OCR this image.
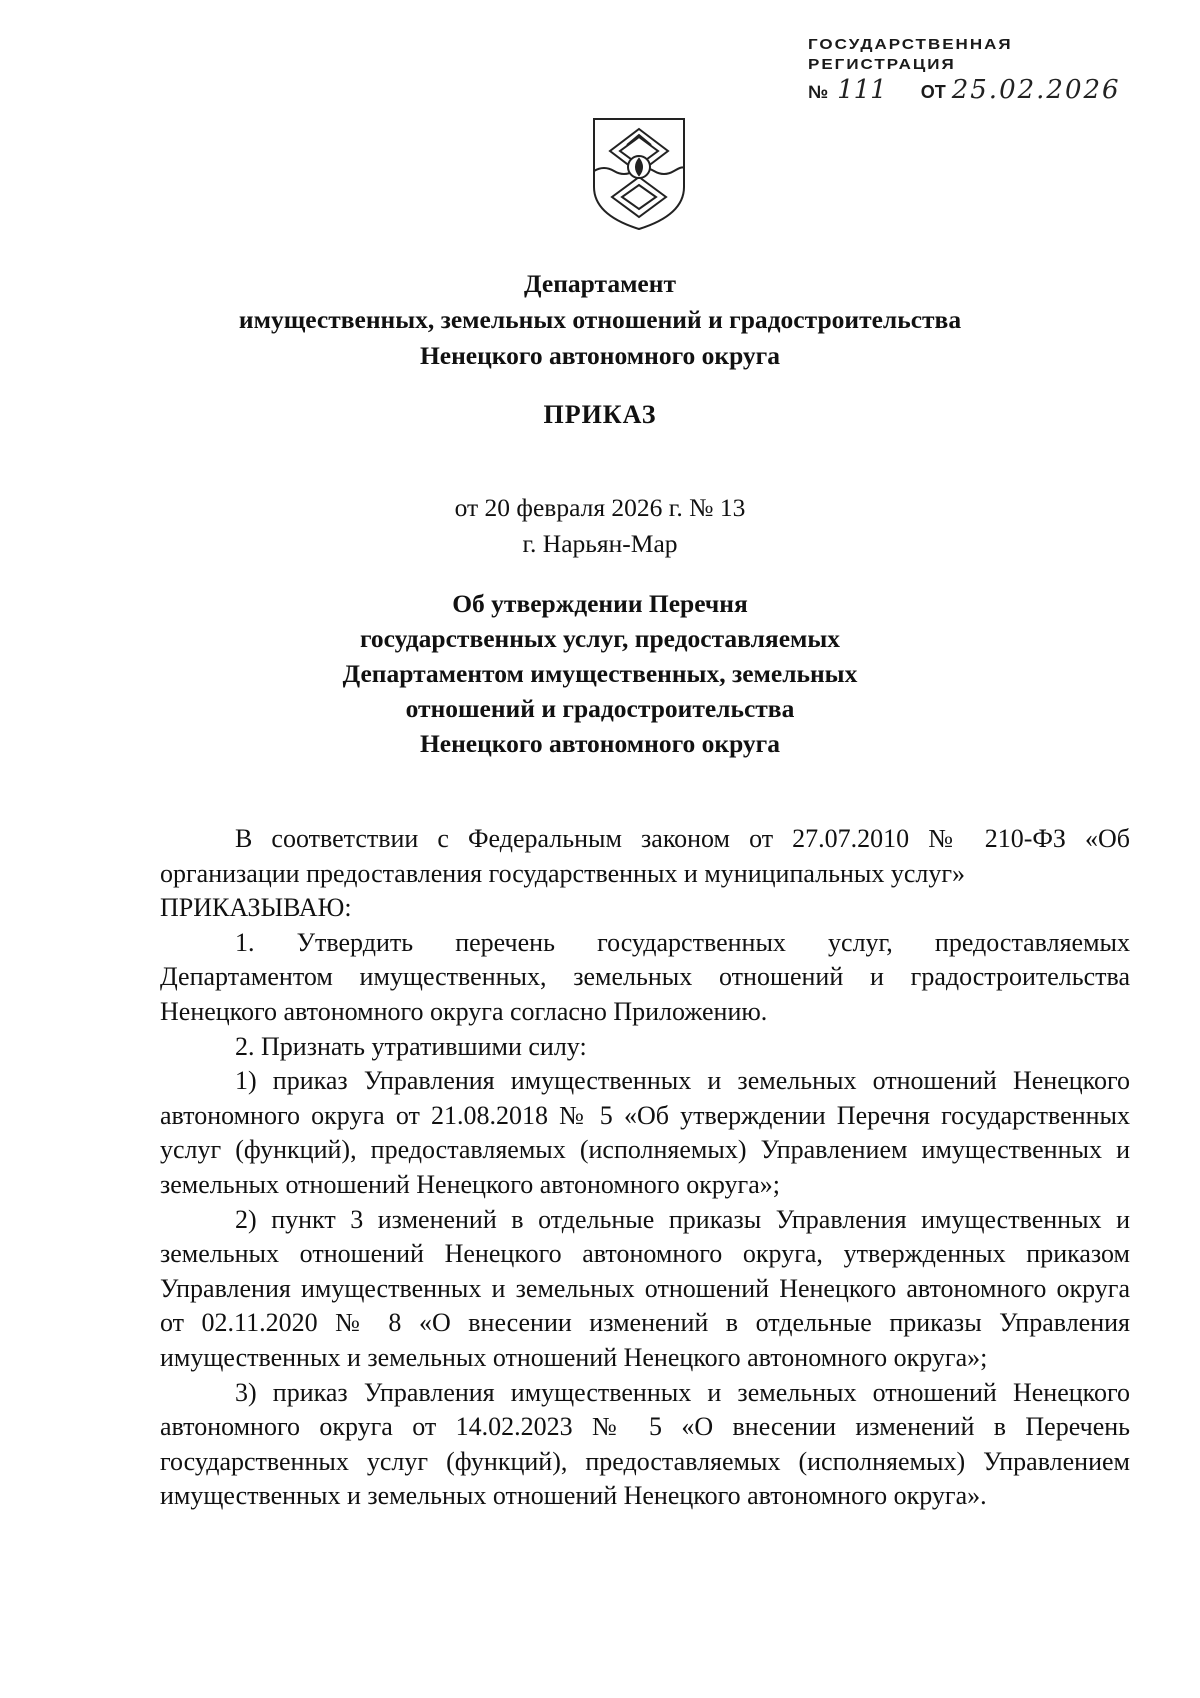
ГОСУДАРСТВЕННАЯ
РЕГИСТРАЦИЯ
№ 111 ОТ 25.02.2026
Департамент
имущественных, земельных отношений и градостроительства
Ненецкого автономного округа
ПРИКАЗ
от 20 февраля 2026 г. № 13
г. Нарьян-Мар
Об утверждении Перечня
государственных услуг, предоставляемых
Департаментом имущественных, земельных
отношений и градостроительства
Ненецкого автономного округа

В соответствии с Федеральным законом от 27.07.2010 № 210-ФЗ «Об организации предоставления государственных и муниципальных услуг»

ПРИКАЗЫВАЮ:

1. Утвердить перечень государственных услуг, предоставляемых Департаментом имущественных, земельных отношений и градостроительства Ненецкого автономного округа согласно Приложению.

2. Признать утратившими силу:

1) приказ Управления имущественных и земельных отношений Ненецкого автономного округа от 21.08.2018 № 5 «Об утверждении Перечня государственных услуг (функций), предоставляемых (исполняемых) Управлением имущественных и земельных отношений Ненецкого автономного округа»;

2) пункт 3 изменений в отдельные приказы Управления имущественных и земельных отношений Ненецкого автономного округа, утвержденных приказом Управления имущественных и земельных отношений Ненецкого автономного округа от 02.11.2020 № 8 «О внесении изменений в отдельные приказы Управления имущественных и земельных отношений Ненецкого автономного округа»;

3) приказ Управления имущественных и земельных отношений Ненецкого автономного округа от 14.02.2023 № 5 «О внесении изменений в Перечень государственных услуг (функций), предоставляемых (исполняемых) Управлением имущественных и земельных отношений Ненецкого автономного округа».
